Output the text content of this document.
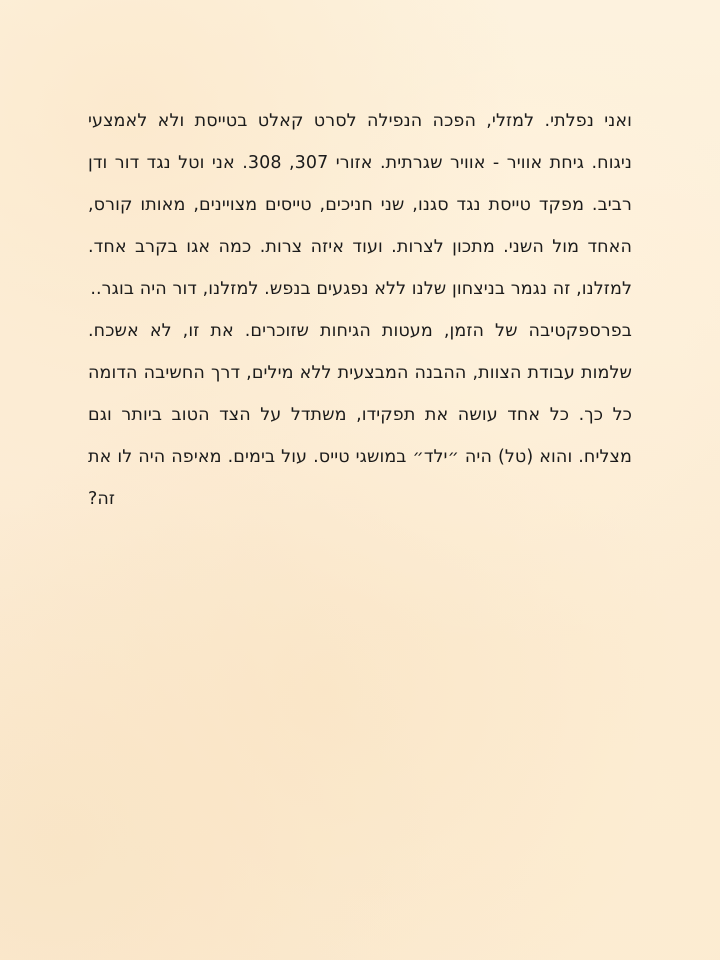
ואני נפלתי. למזלי, הפכה הנפילה לסרט קאלט בטייסת ולא לאמצעי ניגוח. גיחת אוויר - אוויר שגרתית. אזורי 307, 308. אני וטל נגד דור ודן רביב. מפקד טייסת נגד סגנו, שני חניכים, טייסים מצויינים, מאותו קורס, האחד מול השני. מתכון לצרות. ועוד איזה צרות. כמה אגו בקרב אחד. למזלנו, זה נגמר בניצחון שלנו ללא נפגעים בנפש. למזלנו, דור היה בוגר..

בפרספקטיבה של הזמן, מעטות הגיחות שזוכרים. את זו, לא אשכח. שלמות עבודת הצוות, ההבנה המבצעית ללא מילים, דרך החשיבה הדומה כל כך. כל אחד עושה את תפקידו, משתדל על הצד הטוב ביותר וגם מצליח. והוא (טל) היה ״ילד״ במושגי טייס. עול בימים. מאיפה היה לו את זה?
